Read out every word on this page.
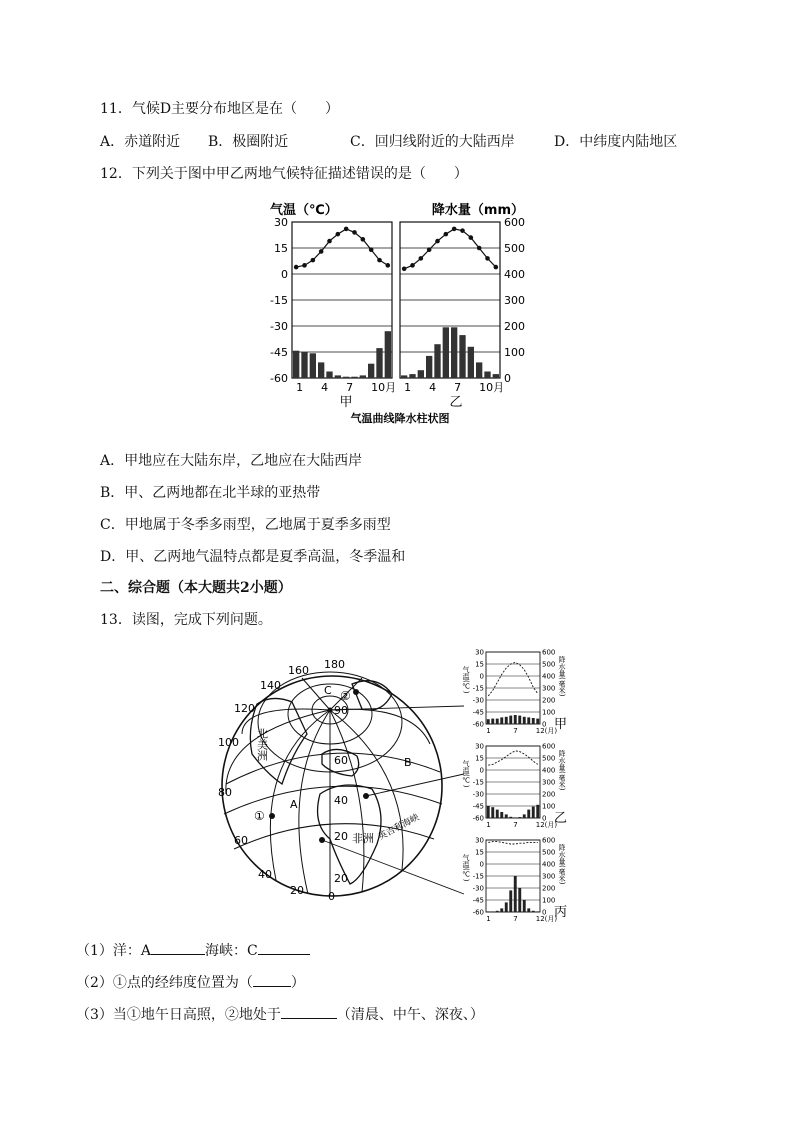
11．气候D主要分布地区是在（　　）
A．赤道附近 B．极圈附近	C．回归线附近的大陆西岸	D．中纬度内陆地区
12．下列关于图中甲乙两地气候特征描述错误的是（　　）
气温（℃）	降水量（mm）
1 4 7 10月 1 4 7 10月
30
15
0
-15
-30
-45
-60
600
500
400
300
200
100
0
甲	乙
气温曲线降水柱状图
A．甲地应在大陆东岸，乙地应在大陆西岸
B．甲、乙两地都在北半球的亚热带
C．甲地属于冬季多雨型，乙地属于夏季多雨型
D．甲、乙两地气温特点都是夏季高温，冬季温和
二、综合题（本大题共2小题）
13．读图，完成下列问题。
160 180
140
120
100
80
60
40
20 0
90
60
40
20
20
北美洲
非洲
A
B
C
①
②
英吉利海峡
30	600
15	500
0	400
-15	300
-30	200
-45	100
-60	0
1	7	12(月)
气温(℃)	降水量(毫米)
甲
30	600
15	500
0	400
-15	300
-30	200
-45	100
-60	0
1	7	12(月)
气温(℃)	降水量(毫米)
乙
30	600
15	500
0	400
-15	300
-30	200
-45	100
-60	0
1	7	12(月)
气温(℃)	降水量(毫米)
丙
（1）洋：A	海峡：C
（2）①点的经纬度位置为（	）
（3）当①地午日高照，②地处于	（清晨、中午、深夜、）
